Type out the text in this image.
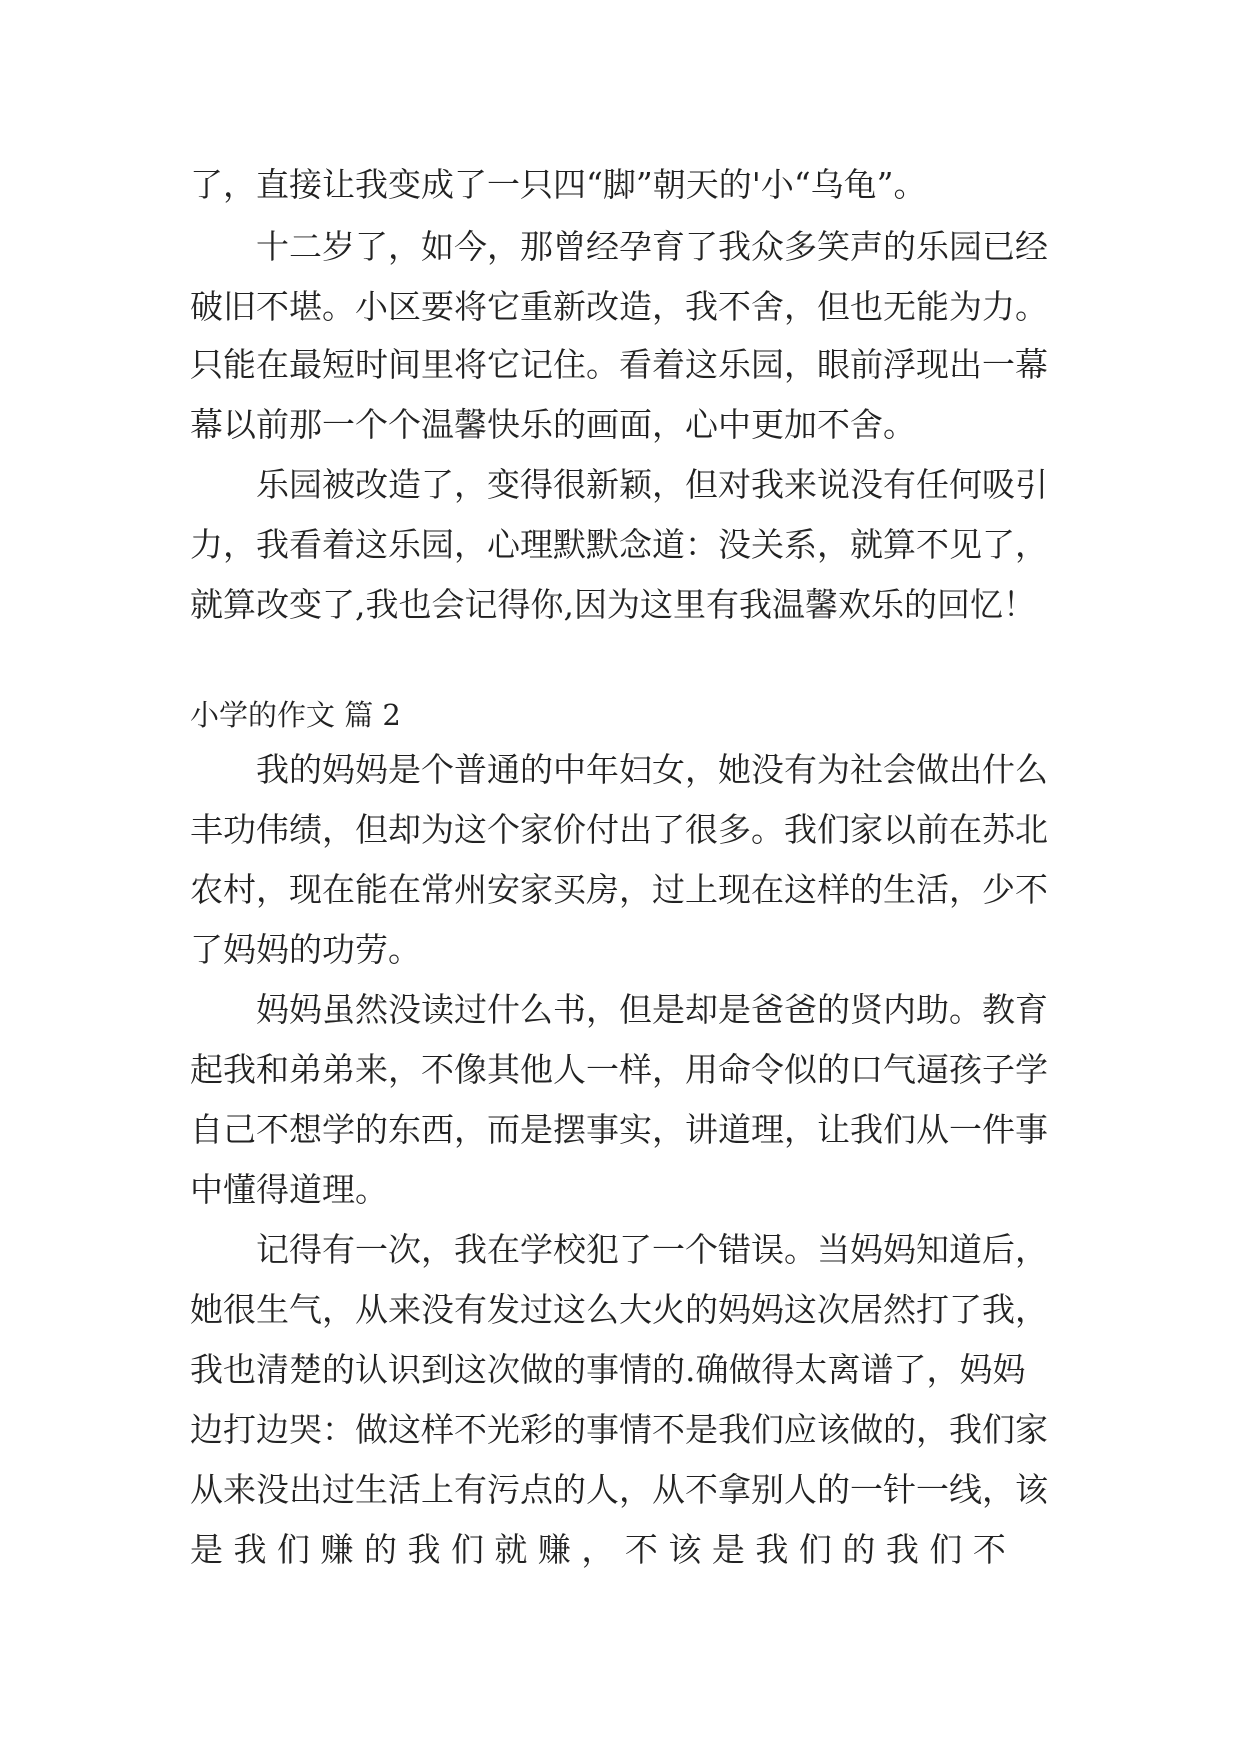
了，直接让我变成了一只四“脚”朝天的'小“乌龟”。
十二岁了，如今，那曾经孕育了我众多笑声的乐园已经
破旧不堪。小区要将它重新改造，我不舍，但也无能为力。
只能在最短时间里将它记住。看着这乐园，眼前浮现出一幕
幕以前那一个个温馨快乐的画面，心中更加不舍。
乐园被改造了，变得很新颖，但对我来说没有任何吸引
力，我看着这乐园，心理默默念道：没关系，就算不见了，
就算改变了,我也会记得你,因为这里有我温馨欢乐的回忆！
小学的作文 篇 2
我的妈妈是个普通的中年妇女，她没有为社会做出什么
丰功伟绩，但却为这个家价付出了很多。我们家以前在苏北
农村，现在能在常州安家买房，过上现在这样的生活，少不
了妈妈的功劳。
妈妈虽然没读过什么书，但是却是爸爸的贤内助。教育
起我和弟弟来，不像其他人一样，用命令似的口气逼孩子学
自己不想学的东西，而是摆事实，讲道理，让我们从一件事
中懂得道理。
记得有一次，我在学校犯了一个错误。当妈妈知道后，
她很生气，从来没有发过这么大火的妈妈这次居然打了我，
我也清楚的认识到这次做的事情的.确做得太离谱了，妈妈
边打边哭：做这样不光彩的事情不是我们应该做的，我们家
从来没出过生活上有污点的人，从不拿别人的一针一线，该
是 我 们 赚 的 我 们 就 赚 ， 不 该 是 我 们 的 我 们 不
